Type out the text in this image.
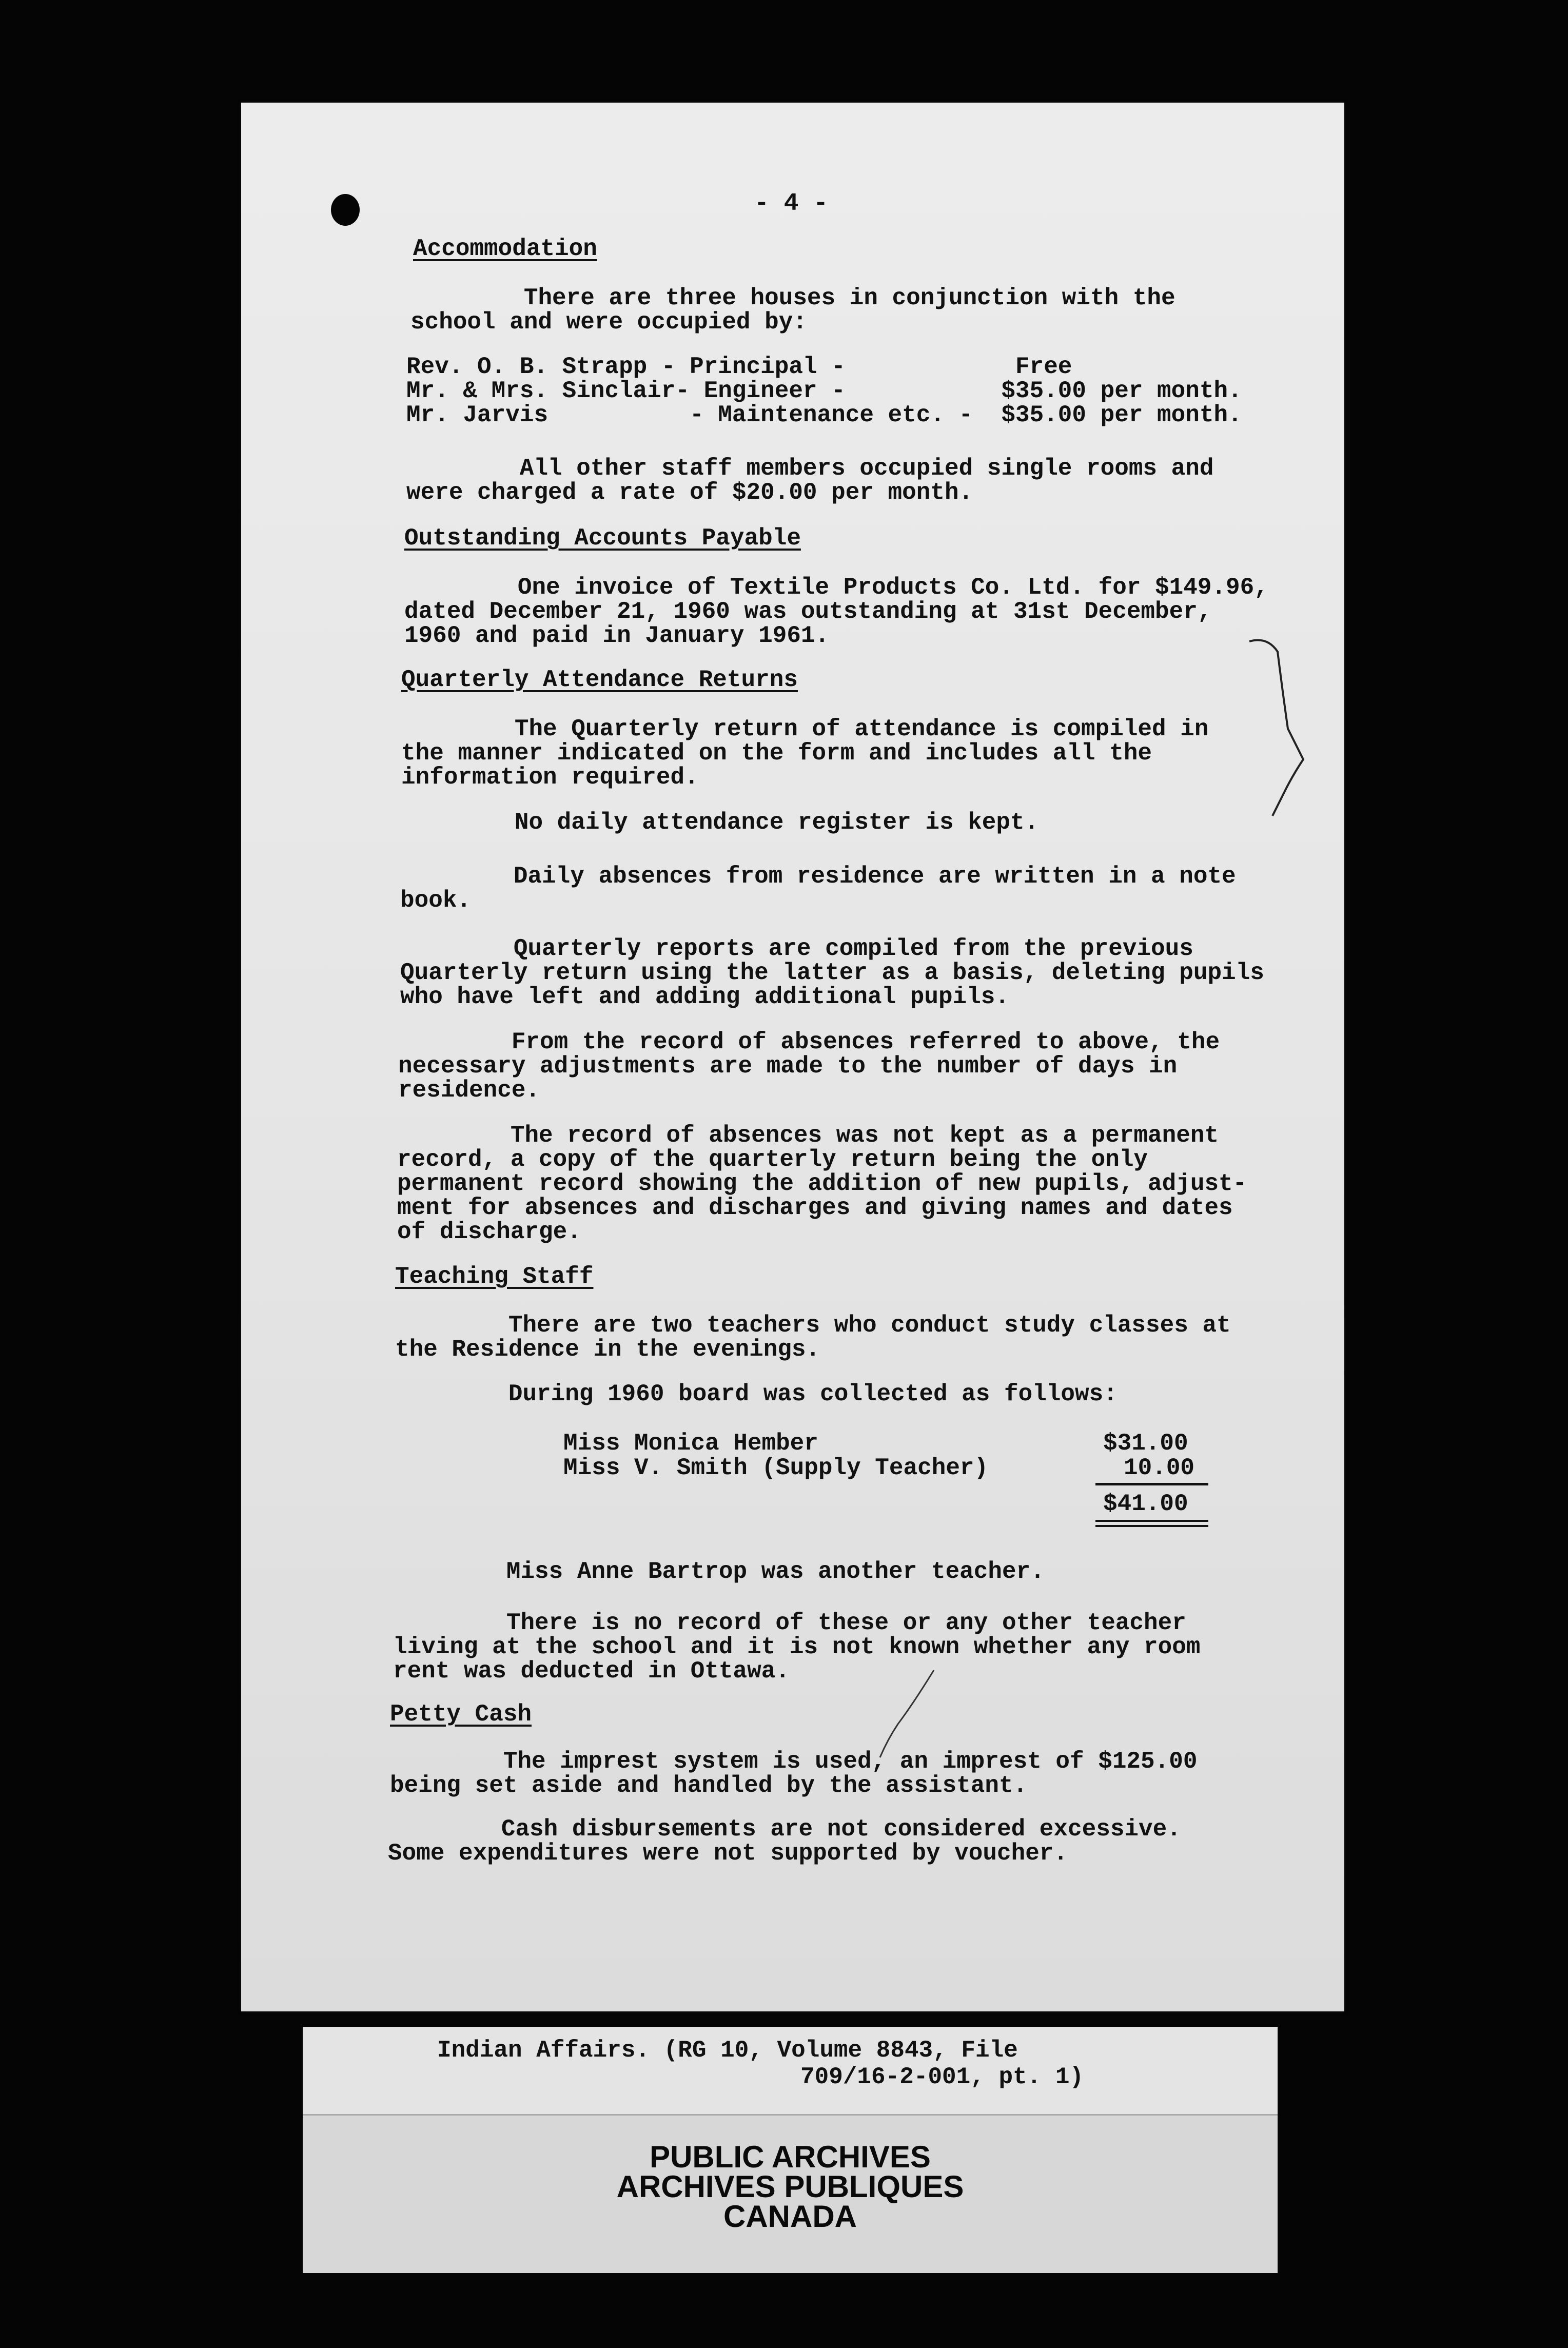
- 4 -
Accommodation
There are three houses in conjunction with the
school and were occupied by:
Rev. O. B. Strapp - Principal -            Free
Mr. & Mrs. Sinclair- Engineer -           $35.00 per month.
Mr. Jarvis          - Maintenance etc. -  $35.00 per month.
All other staff members occupied single rooms and
were charged a rate of $20.00 per month.
Outstanding Accounts Payable
One invoice of Textile Products Co. Ltd. for $149.96,
dated December 21, 1960 was outstanding at 31st December,
1960 and paid in January 1961.
Quarterly Attendance Returns
The Quarterly return of attendance is compiled in
the manner indicated on the form and includes all the
information required.
No daily attendance register is kept.
Daily absences from residence are written in a note
book.
Quarterly reports are compiled from the previous
Quarterly return using the latter as a basis, deleting pupils
who have left and adding additional pupils.
From the record of absences referred to above, the
necessary adjustments are made to the number of days in
residence.
The record of absences was not kept as a permanent
record, a copy of the quarterly return being the only
permanent record showing the addition of new pupils, adjust-
ment for absences and discharges and giving names and dates
of discharge.
Teaching Staff
There are two teachers who conduct study classes at
the Residence in the evenings.
During 1960 board was collected as follows:
Miss Monica Hember	$31.00
Miss V. Smith (Supply Teacher)	10.00
$41.00
Miss Anne Bartrop was another teacher.
There is no record of these or any other teacher
living at the school and it is not known whether any room
rent was deducted in Ottawa.
Petty Cash
The imprest system is used, an imprest of $125.00
being set aside and handled by the assistant.
Cash disbursements are not considered excessive.
Some expenditures were not supported by voucher.
Indian Affairs. (RG 10, Volume 8843, File
709/16-2-001, pt. 1)
PUBLIC ARCHIVES
ARCHIVES PUBLIQUES
CANADA
